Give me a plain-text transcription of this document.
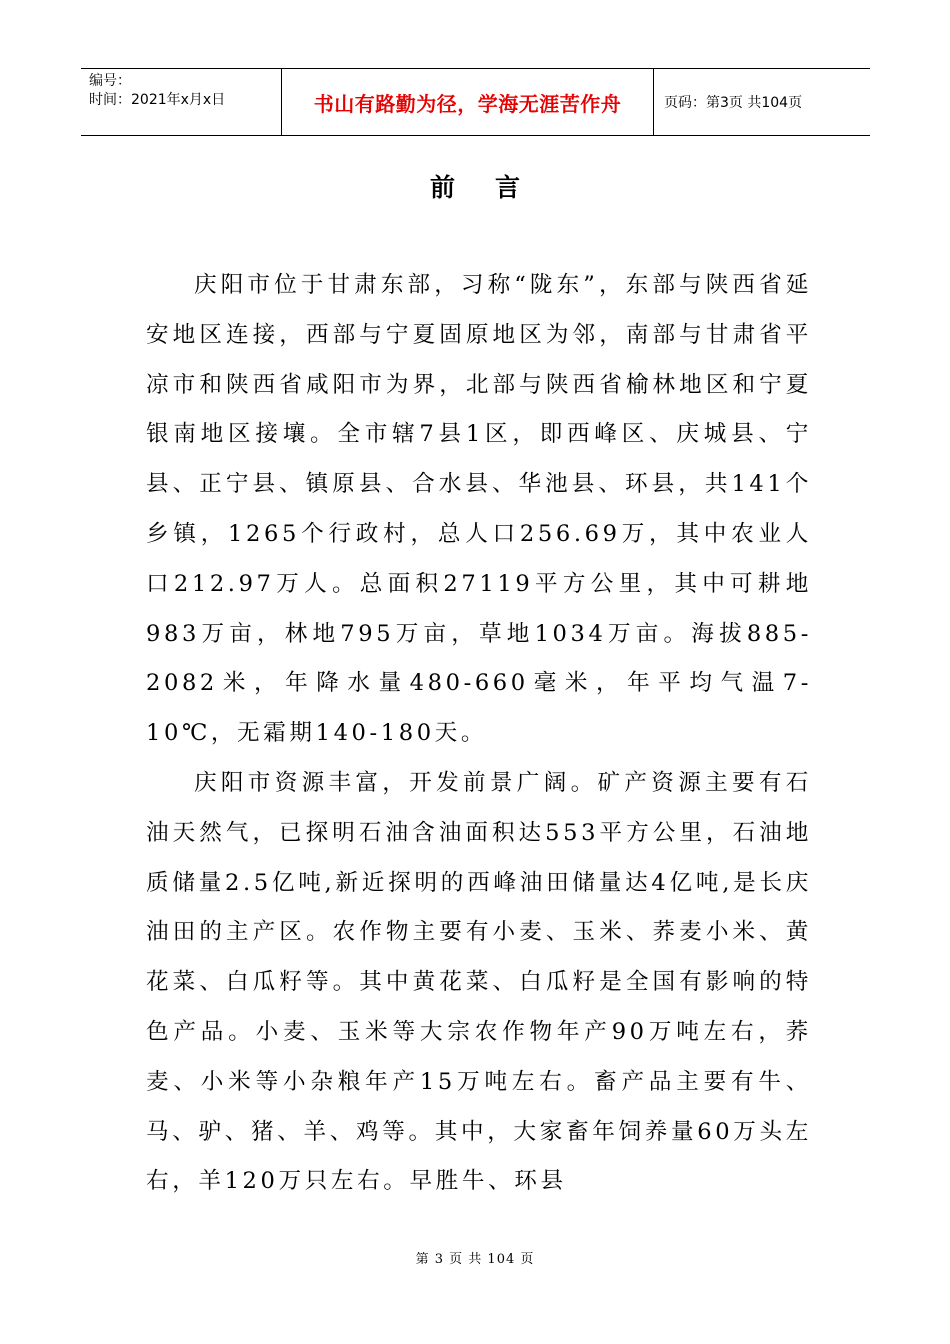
编号：
时间：2021年x月x日	书山有路勤为径，学海无涯苦作舟	页码：第3页 共104页
前言

庆阳市位于甘肃东部，习称“陇东”，东部与陕西省延安地区连接，西部与宁夏固原地区为邻，南部与甘肃省平凉市和陕西省咸阳市为界，北部与陕西省榆林地区和宁夏银南地区接壤。全市辖7县1区，即西峰区、庆城县、宁县、正宁县、镇原县、合水县、华池县、环县，共141个乡镇，1265个行政村，总人口256.69万，其中农业人口212.97万人。总面积27119平方公里，其中可耕地983万亩，林地795万亩，草地1034万亩。海拔885-2082米，年降水量480-660毫米，年平均气温7-10℃，无霜期140-180天。

庆阳市资源丰富，开发前景广阔。矿产资源主要有石油天然气，已探明石油含油面积达553平方公里，石油地质储量2.5亿吨,新近探明的西峰油田储量达4亿吨,是长庆油田的主产区。农作物主要有小麦、玉米、荞麦小米、黄花菜、白瓜籽等。其中黄花菜、白瓜籽是全国有影响的特色产品。小麦、玉米等大宗农作物年产90万吨左右，荞麦、小米等小杂粮年产15万吨左右。畜产品主要有牛、马、驴、猪、羊、鸡等。其中，大家畜年饲养量60万头左右，羊120万只左右。早胜牛、环县

第 3 页 共 104 页
